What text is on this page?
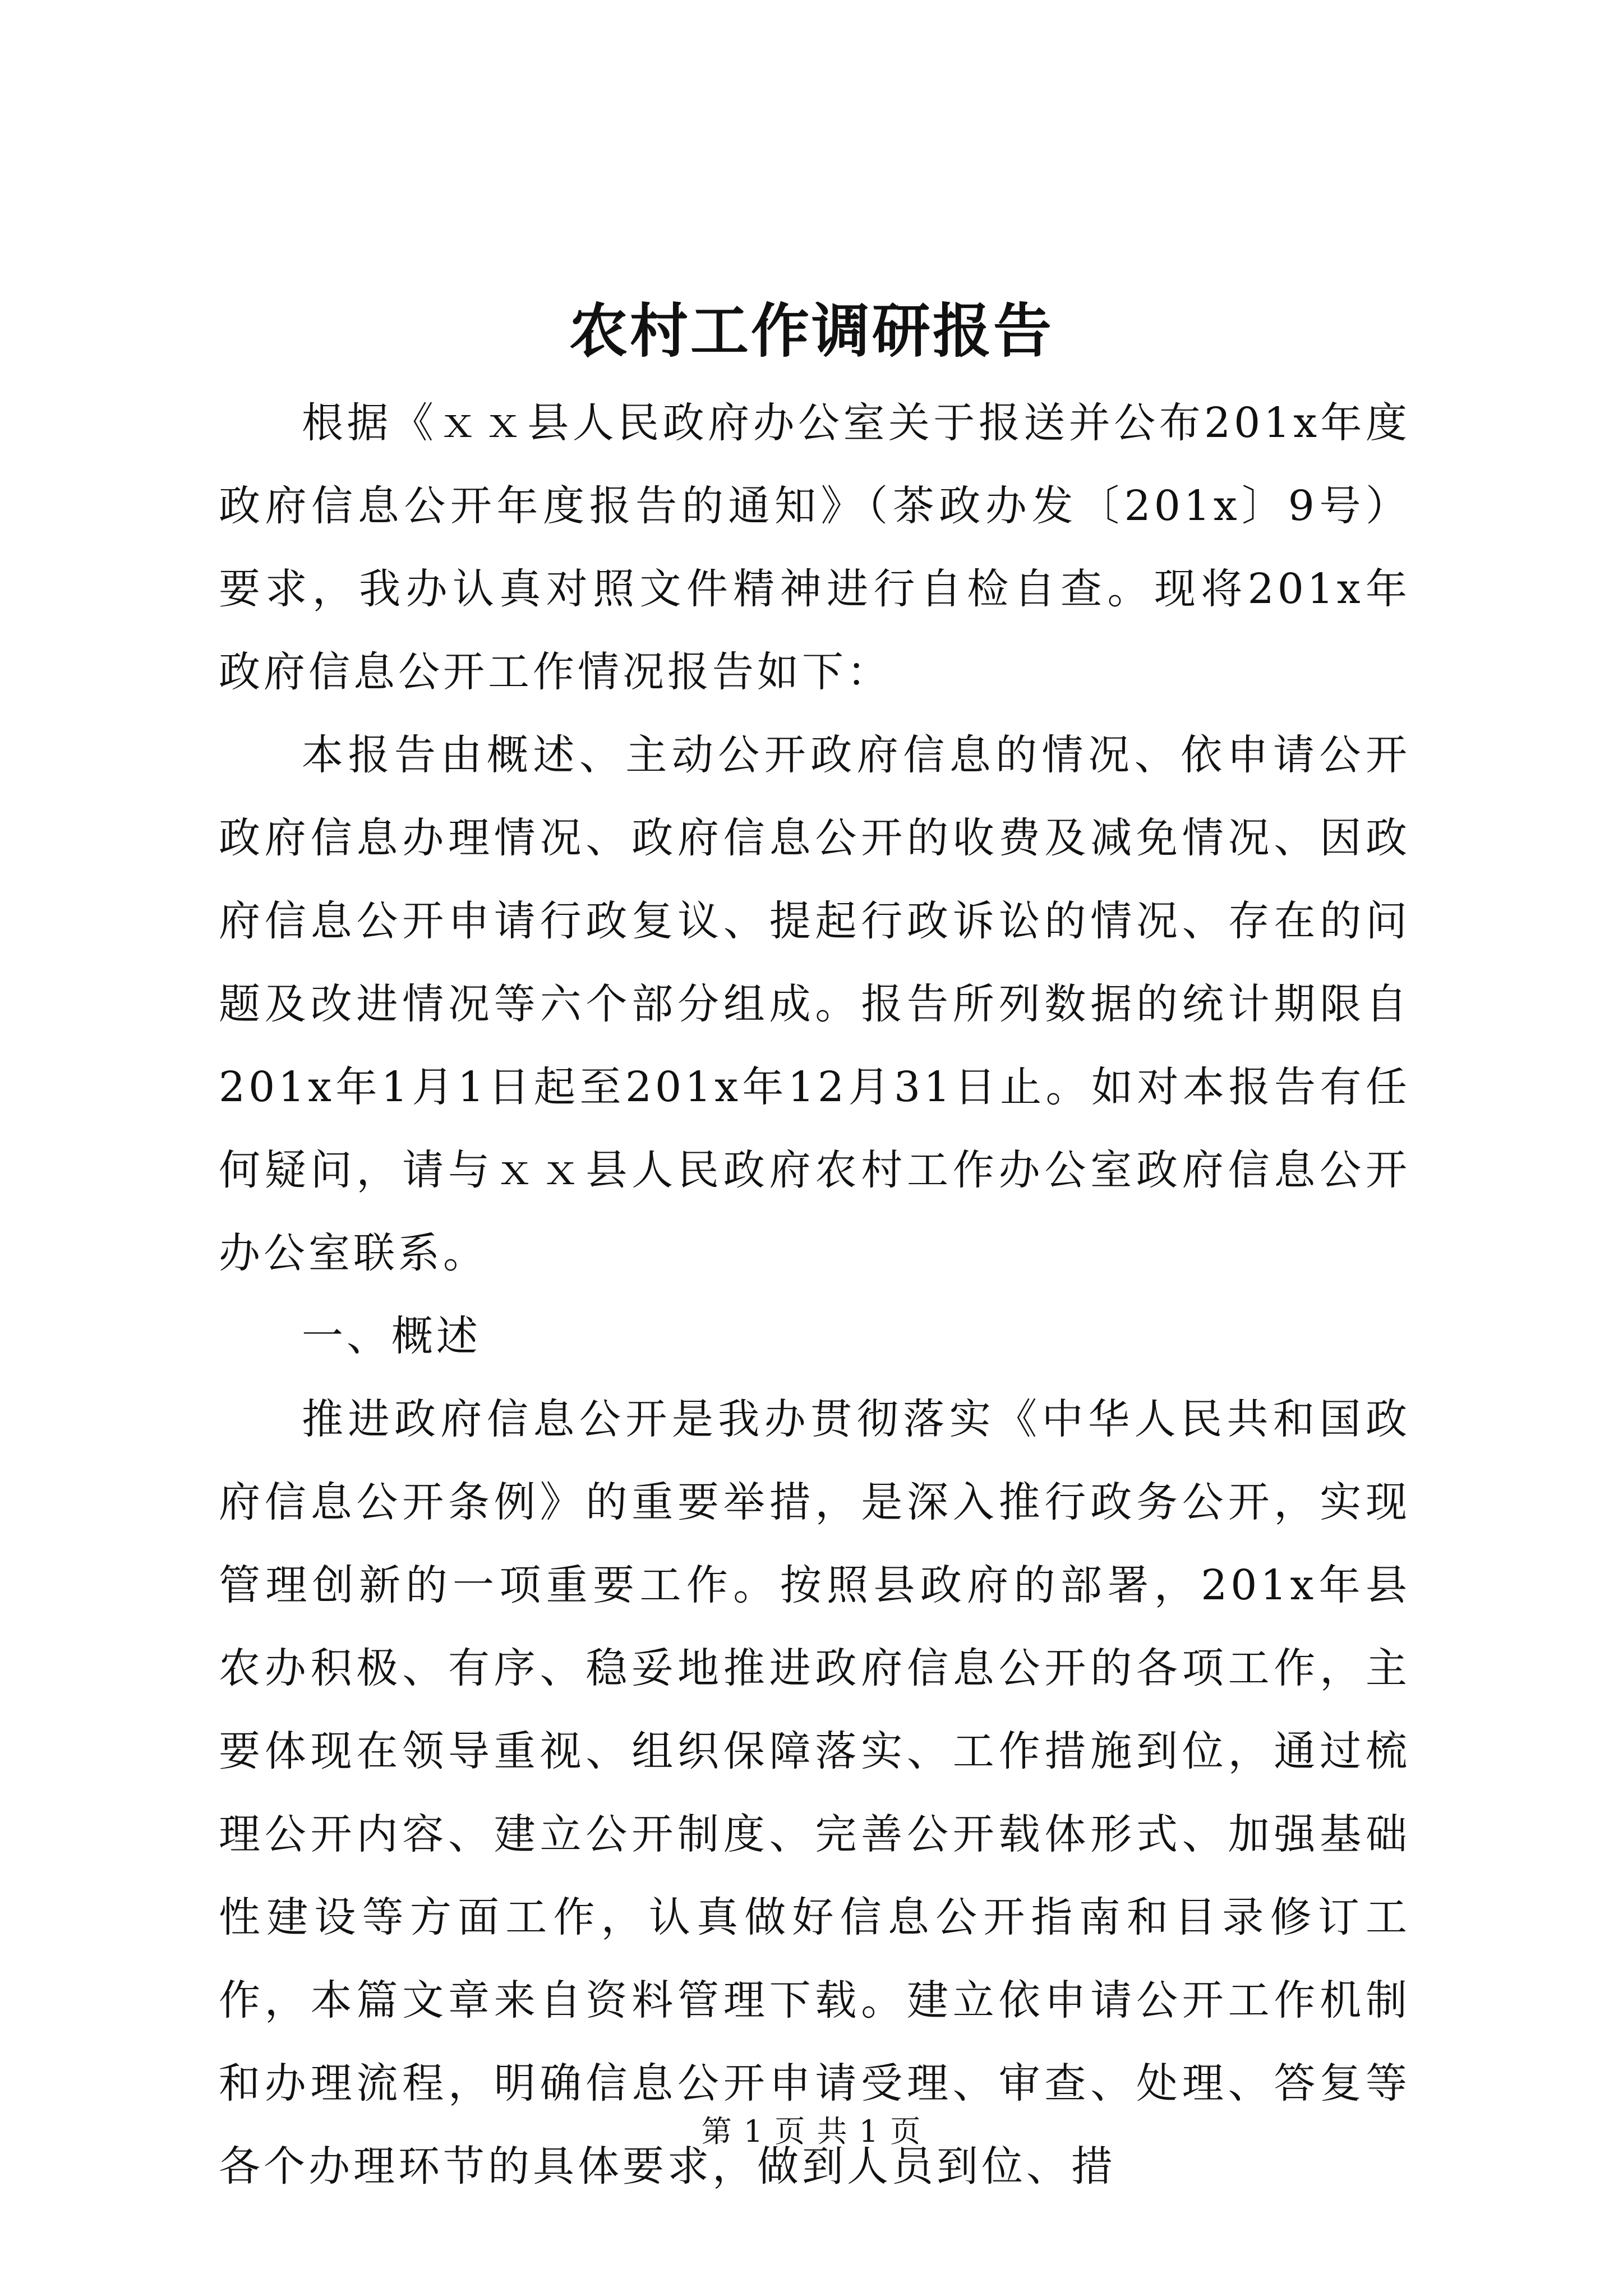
农村工作调研报告

根据《ｘｘ县人民政府办公室关于报送并公布201x年度政府信息公开年度报告的通知》（茶政办发〔201x〕9号）要求，我办认真对照文件精神进行自检自查。现将201x年政府信息公开工作情况报告如下：

本报告由概述、主动公开政府信息的情况、依申请公开政府信息办理情况、政府信息公开的收费及减免情况、因政府信息公开申请行政复议、提起行政诉讼的情况、存在的问题及改进情况等六个部分组成。报告所列数据的统计期限自201x年1月1日起至201x年12月31日止。如对本报告有任何疑问，请与ｘｘ县人民政府农村工作办公室政府信息公开办公室联系。

一、概述

推进政府信息公开是我办贯彻落实《中华人民共和国政府信息公开条例》的重要举措，是深入推行政务公开，实现管理创新的一项重要工作。按照县政府的部署，201x年县农办积极、有序、稳妥地推进政府信息公开的各项工作，主要体现在领导重视、组织保障落实、工作措施到位，通过梳理公开内容、建立公开制度、完善公开载体形式、加强基础性建设等方面工作，认真做好信息公开指南和目录修订工作，本篇文章来自资料管理下载。建立依申请公开工作机制和办理流程，明确信息公开申请受理、审查、处理、答复等各个办理环节的具体要求，做到人员到位、措

第 1 页 共 1 页
